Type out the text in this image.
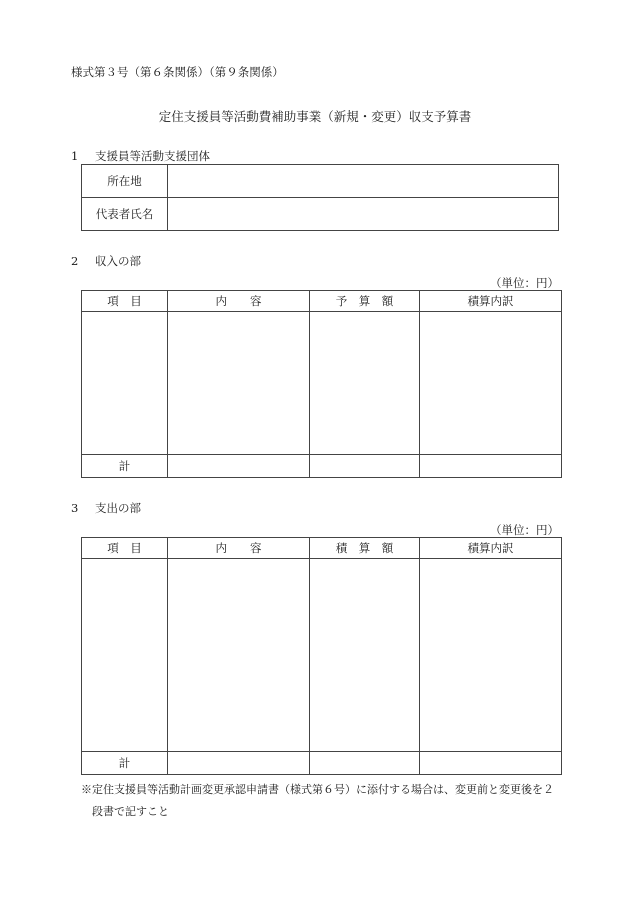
様式第３号（第６条関係）（第９条関係）
定住支援員等活動費補助事業（新規・変更）収支予算書
1 支援員等活動支援団体
所在地	
代表者氏名	
2 収入の部
（単位：円）
項　目	内　　容	予　算　額	積算内訳

計			
3 支出の部
（単位：円）
項　目	内　　容	積　算　額	積算内訳

計			
※定住支援員等活動計画変更承認申請書（様式第６号）に添付する場合は、変更前と変更後を２
段書で記すこと
